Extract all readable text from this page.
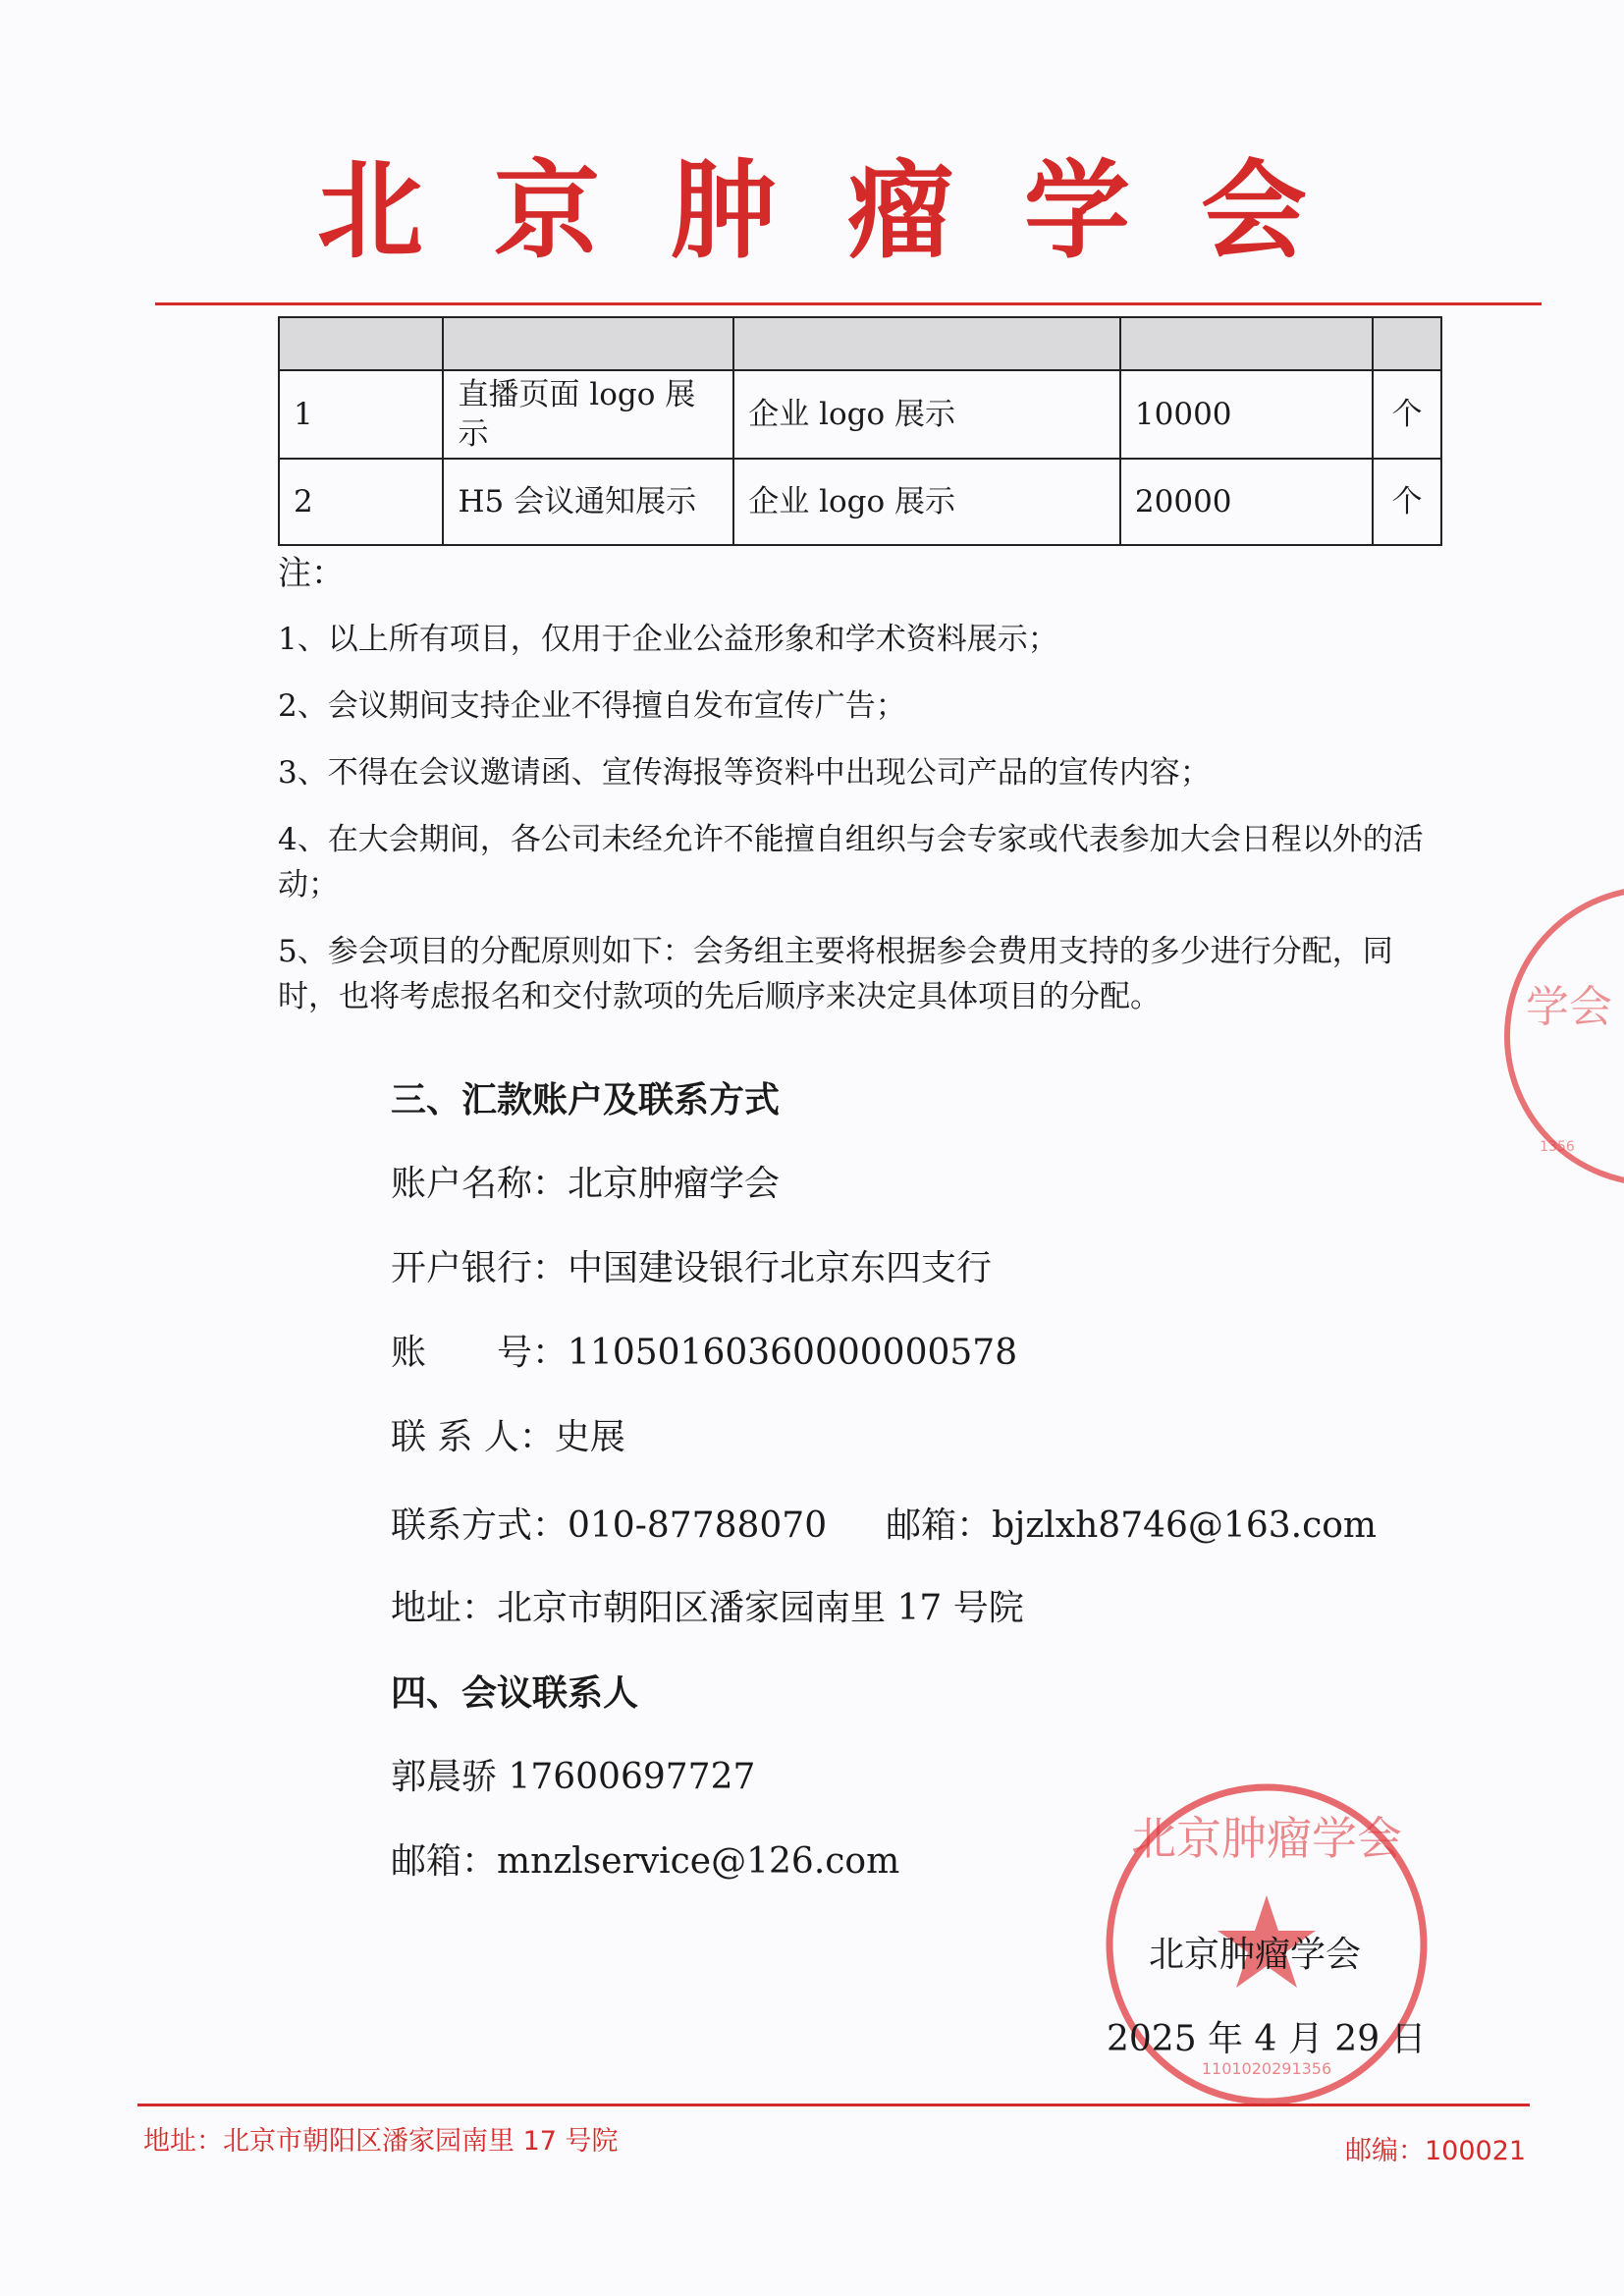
北京肿瘤学会

1	直播页面 logo 展示	企业 logo 展示	10000	个
2	H5 会议通知展示	企业 logo 展示	20000	个
注：

1、以上所有项目，仅用于企业公益形象和学术资料展示；

2、会议期间支持企业不得擅自发布宣传广告；

3、不得在会议邀请函、宣传海报等资料中出现公司产品的宣传内容；

4、在大会期间，各公司未经允许不能擅自组织与会专家或代表参加大会日程以外的活动；

5、参会项目的分配原则如下：会务组主要将根据参会费用支持的多少进行分配，同时，也将考虑报名和交付款项的先后顺序来决定具体项目的分配。

三、汇款账户及联系方式
账户名称：北京肿瘤学会
开户银行：中国建设银行北京东四支行
账　　号：11050160360000000578
联 系 人：史展
联系方式：010-87788070 邮箱：bjzlxh8746@163.com
地址：北京市朝阳区潘家园南里 17 号院
四、会议联系人
郭晨骄 17600697727
邮箱：mnzlservice@126.com	北京肿瘤学会
1101020291356
学会
1356
北京肿瘤学会
2025 年 4 月 29 日
地址：北京市朝阳区潘家园南里 17 号院	邮编：100021
